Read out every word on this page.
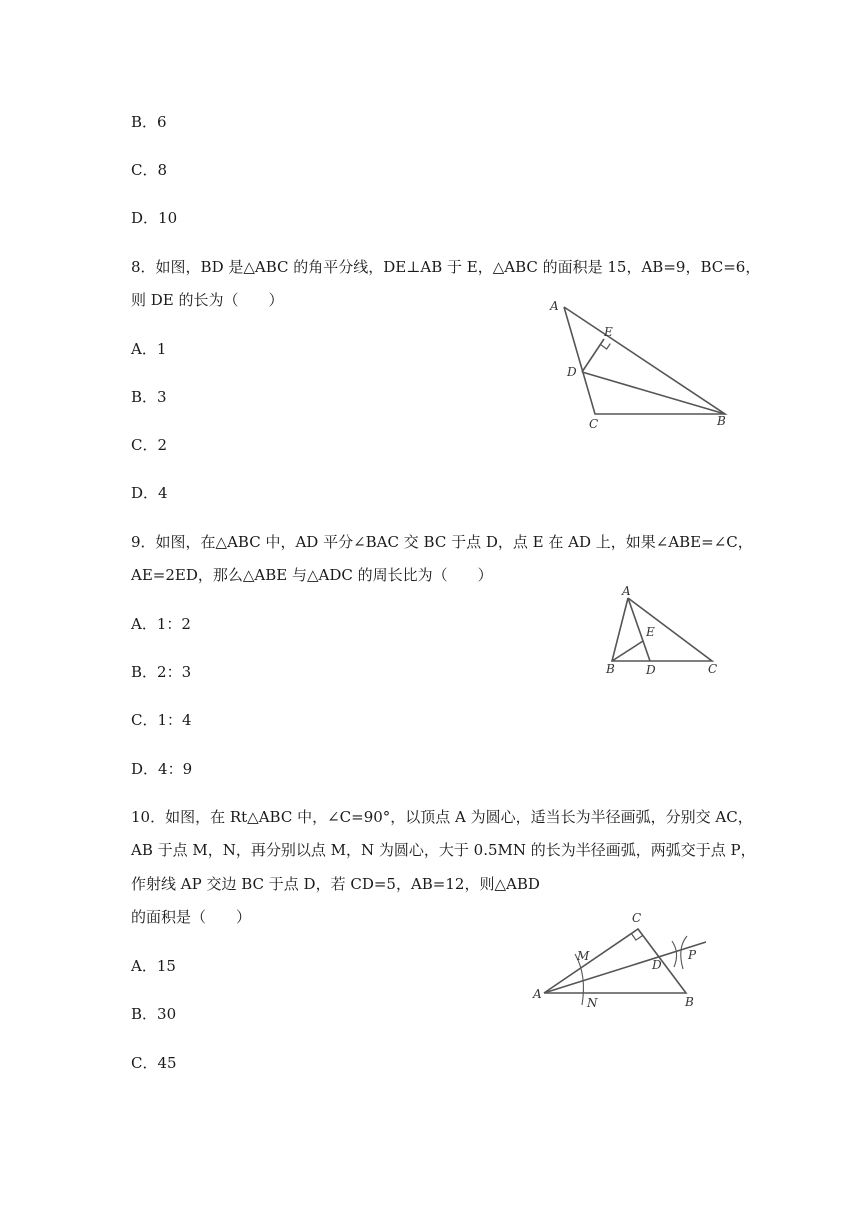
B．6
C．8
D．10
8．如图，BD 是△ABC 的角平分线，DE⊥AB 于 E，△ABC 的面积是 15，AB=9，BC=6，
则 DE 的长为（　　）
A．1
B．3
C．2
D．4
A
E
D
C	B
9．如图，在△ABC 中，AD 平分∠BAC 交 BC 于点 D，点 E 在 AD 上，如果∠ABE=∠C，
AE=2ED，那么△ABE 与△ADC 的周长比为（　　）
A．1：2
B．2：3
C．1：4
D．4：9
A
E
B	D	C
10．如图，在 Rt△ABC 中，∠C=90°，以顶点 A 为圆心，适当长为半径画弧，分别交 AC，
AB 于点 M，N，再分别以点 M，N 为圆心，大于 0.5MN 的长为半径画弧，两弧交于点 P，
作射线 AP 交边 BC 于点 D，若 CD=5，AB=12，则△ABD
的面积是（　　）
A．15
B．30
C．45
C
M
D
P
A
N	B
